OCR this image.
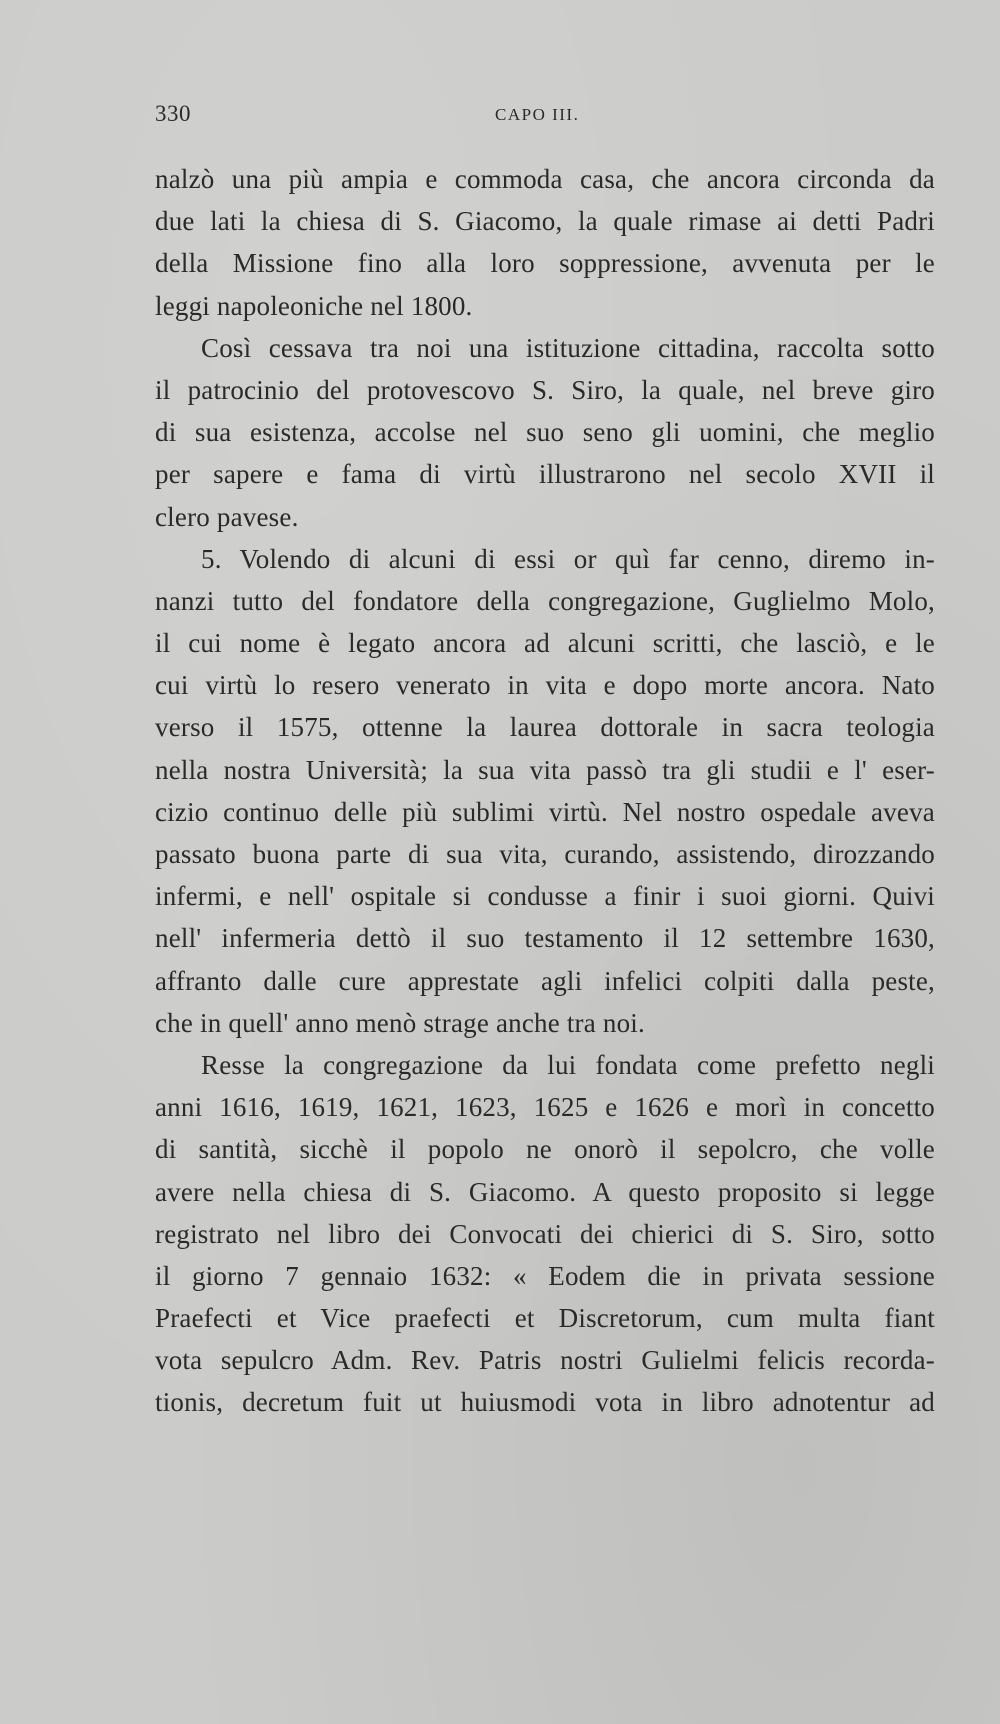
330	CAPO III.
nalzò una più ampia e commoda casa, che ancora circonda da
due lati la chiesa di S. Giacomo, la quale rimase ai detti Padri
della Missione fino alla loro soppressione, avvenuta per le
leggi napoleoniche nel 1800.
Così cessava tra noi una istituzione cittadina, raccolta sotto
il patrocinio del protovescovo S. Siro, la quale, nel breve giro
di sua esistenza, accolse nel suo seno gli uomini, che meglio
per sapere e fama di virtù illustrarono nel secolo XVII il
clero pavese.
5. Volendo di alcuni di essi or quì far cenno, diremo in-
nanzi tutto del fondatore della congregazione, Guglielmo Molo,
il cui nome è legato ancora ad alcuni scritti, che lasciò, e le
cui virtù lo resero venerato in vita e dopo morte ancora. Nato
verso il 1575, ottenne la laurea dottorale in sacra teologia
nella nostra Università; la sua vita passò tra gli studii e l' eser-
cizio continuo delle più sublimi virtù. Nel nostro ospedale aveva
passato buona parte di sua vita, curando, assistendo, dirozzando
infermi, e nell' ospitale si condusse a finir i suoi giorni. Quivi
nell' infermeria dettò il suo testamento il 12 settembre 1630,
affranto dalle cure apprestate agli infelici colpiti dalla peste,
che in quell' anno menò strage anche tra noi.
Resse la congregazione da lui fondata come prefetto negli
anni 1616, 1619, 1621, 1623, 1625 e 1626 e morì in concetto
di santità, sicchè il popolo ne onorò il sepolcro, che volle
avere nella chiesa di S. Giacomo. A questo proposito si legge
registrato nel libro dei Convocati dei chierici di S. Siro, sotto
il giorno 7 gennaio 1632: « Eodem die in privata sessione
Praefecti et Vice praefecti et Discretorum, cum multa fiant
vota sepulcro Adm. Rev. Patris nostri Gulielmi felicis recorda-
tionis, decretum fuit ut huiusmodi vota in libro adnotentur ad
